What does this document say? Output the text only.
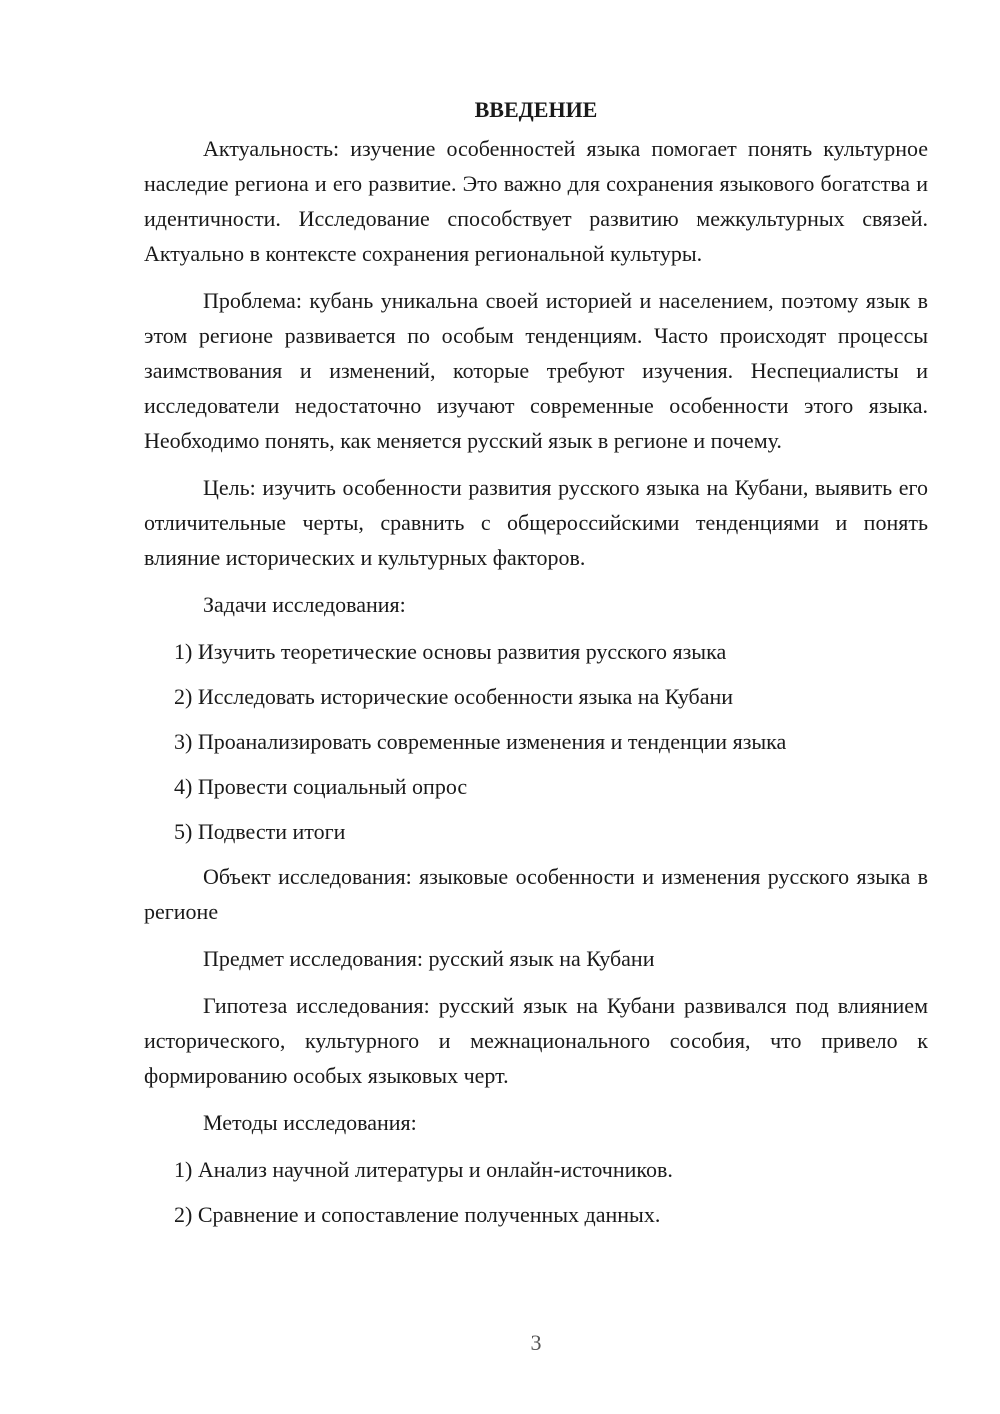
ВВЕДЕНИЕ

Актуальность: изучение особенностей языка помогает понять культурное наследие региона и его развитие. Это важно для сохранения языкового богатства и идентичности. Исследование способствует развитию межкультурных связей. Актуально в контексте сохранения региональной культуры.

Проблема: кубань уникальна своей историей и населением, поэтому язык в этом регионе развивается по особым тенденциям. Часто происходят процессы заимствования и изменений, которые требуют изучения. Неспециалисты и исследователи недостаточно изучают современные особенности этого языка. Необходимо понять, как меняется русский язык в регионе и почему.

Цель: изучить особенности развития русского языка на Кубани, выявить его отличительные черты, сравнить с общероссийскими тенденциями и понять влияние исторических и культурных факторов.

Задачи исследования:

1) Изучить теоретические основы развития русского языка
2) Исследовать исторические особенности языка на Кубани
3) Проанализировать современные изменения и тенденции языка
4) Провести социальный опрос
5) Подвести итоги

Объект исследования: языковые особенности и изменения русского языка в регионе

Предмет исследования: русский язык на Кубани

Гипотеза исследования: русский язык на Кубани развивался под влиянием исторического, культурного и межнационального сособия, что привело к формированию особых языковых черт.

Методы исследования:

1) Анализ научной литературы и онлайн-источников.
2) Сравнение и сопоставление полученных данных.
3
